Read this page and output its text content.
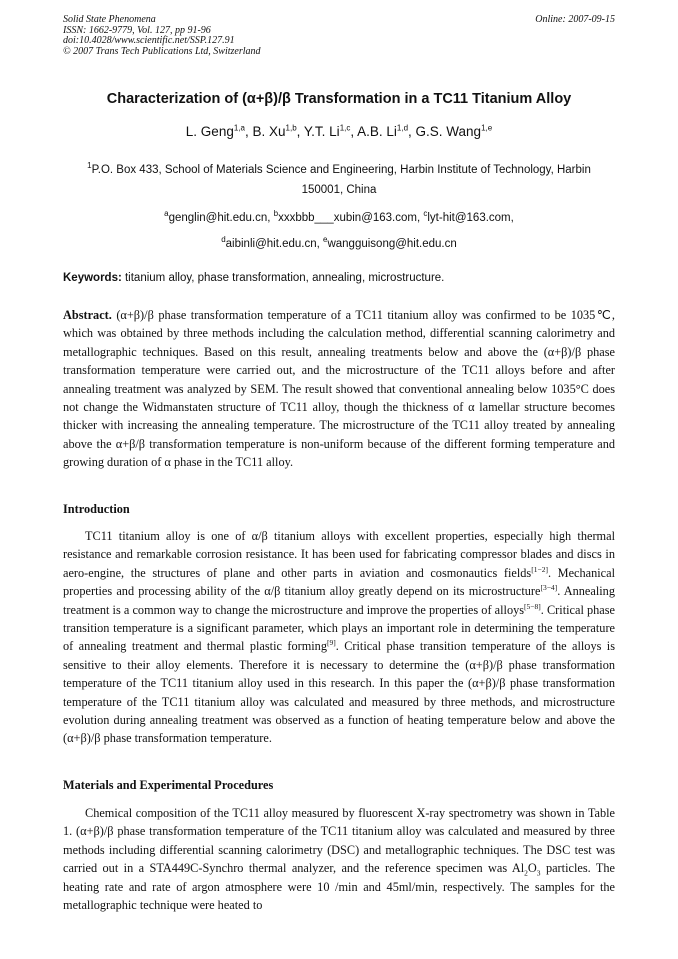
Solid State Phenomena
ISSN: 1662-9779, Vol. 127, pp 91-96
doi:10.4028/www.scientific.net/SSP.127.91
© 2007 Trans Tech Publications Ltd, Switzerland
Online: 2007-09-15
Characterization of (α+β)/β Transformation in a TC11 Titanium Alloy
L. Geng$^{1,a}$, B. Xu$^{1,b}$, Y.T. Li$^{1,c}$, A.B. Li$^{1,d}$, G.S. Wang$^{1,e}$
$^1$P.O. Box 433, School of Materials Science and Engineering, Harbin Institute of Technology, Harbin 150001, China
$^a$genglin@hit.edu.cn, $^b$xxxbbb___xubin@163.com, $^c$lyt-hit@163.com,
$^d$aibinli@hit.edu.cn, $^e$wangguisong@hit.edu.cn
Keywords: titanium alloy, phase transformation, annealing, microstructure.
Abstract. (α+β)/β phase transformation temperature of a TC11 titanium alloy was confirmed to be 1035℃, which was obtained by three methods including the calculation method, differential scanning calorimetry and metallographic techniques. Based on this result, annealing treatments below and above the (α+β)/β phase transformation temperature were carried out, and the microstructure of the TC11 alloys before and after annealing treatment was analyzed by SEM. The result showed that conventional annealing below 1035°C does not change the Widmanstaten structure of TC11 alloy, though the thickness of α lamellar structure becomes thicker with increasing the annealing temperature. The microstructure of the TC11 alloy treated by annealing above the α+β/β transformation temperature is non-uniform because of the different forming temperature and growing duration of α phase in the TC11 alloy.
Introduction
TC11 titanium alloy is one of α/β titanium alloys with excellent properties, especially high thermal resistance and remarkable corrosion resistance. It has been used for fabricating compressor blades and discs in aero-engine, the structures of plane and other parts in aviation and cosmonautics fields[1−2]. Mechanical properties and processing ability of the α/β titanium alloy greatly depend on its microstructure[3−4]. Annealing treatment is a common way to change the microstructure and improve the properties of alloys[5−8]. Critical phase transition temperature is a significant parameter, which plays an important role in determining the temperature of annealing treatment and thermal plastic forming[9]. Critical phase transition temperature of the alloys is sensitive to their alloy elements. Therefore it is necessary to determine the (α+β)/β phase transformation temperature of the TC11 titanium alloy used in this research. In this paper the (α+β)/β phase transformation temperature of the TC11 titanium alloy was calculated and measured by three methods, and microstructure evolution during annealing treatment was observed as a function of heating temperature below and above the (α+β)/β phase transformation temperature.
Materials and Experimental Procedures
Chemical composition of the TC11 alloy measured by fluorescent X-ray spectrometry was shown in Table 1. (α+β)/β phase transformation temperature of the TC11 titanium alloy was calculated and measured by three methods including differential scanning calorimetry (DSC) and metallographic techniques. The DSC test was carried out in a STA449C-Synchro thermal analyzer, and the reference specimen was $Al_2O_3$ particles. The heating rate and rate of argon atmosphere were 10 /min and 45ml/min, respectively. The samples for the metallographic technique were heated to
